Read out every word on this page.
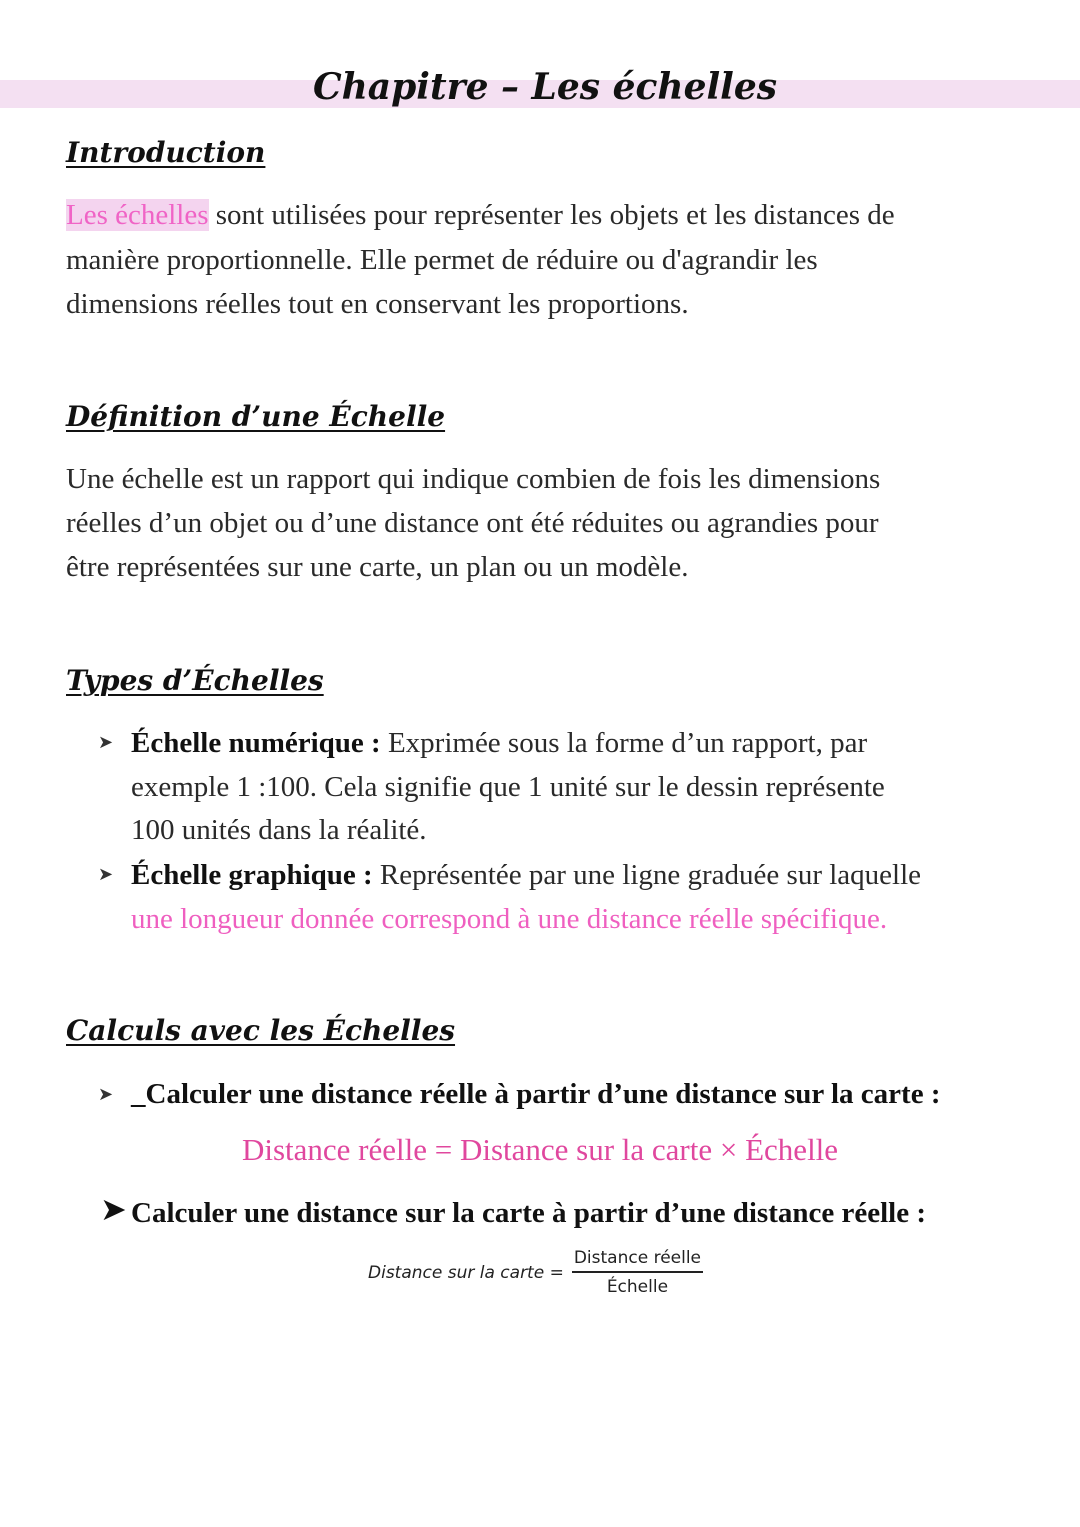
Chapitre – Les échelles
Introduction
Les échelles sont utilisées pour représenter les objets et les distances de
manière proportionnelle. Elle permet de réduire ou d'agrandir les
dimensions réelles tout en conservant les proportions.
Définition d’une Échelle
Une échelle est un rapport qui indique combien de fois les dimensions
réelles d’un objet ou d’une distance ont été réduites ou agrandies pour
être représentées sur une carte, un plan ou un modèle.
Types d’Échelles
➤ Échelle numérique : Exprimée sous la forme d’un rapport, par
exemple 1 :100. Cela signifie que 1 unité sur le dessin représente
100 unités dans la réalité.
➤ Échelle graphique : Représentée par une ligne graduée sur laquelle
une longueur donnée correspond à une distance réelle spécifique.
Calculs avec les Échelles
➤ _Calculer une distance réelle à partir d’une distance sur la carte :
Distance réelle = Distance sur la carte × Échelle
➤ Calculer une distance sur la carte à partir d’une distance réelle :
Distance sur la carte = $\frac{\text{Distance réelle}}{\text{Échelle}}$
